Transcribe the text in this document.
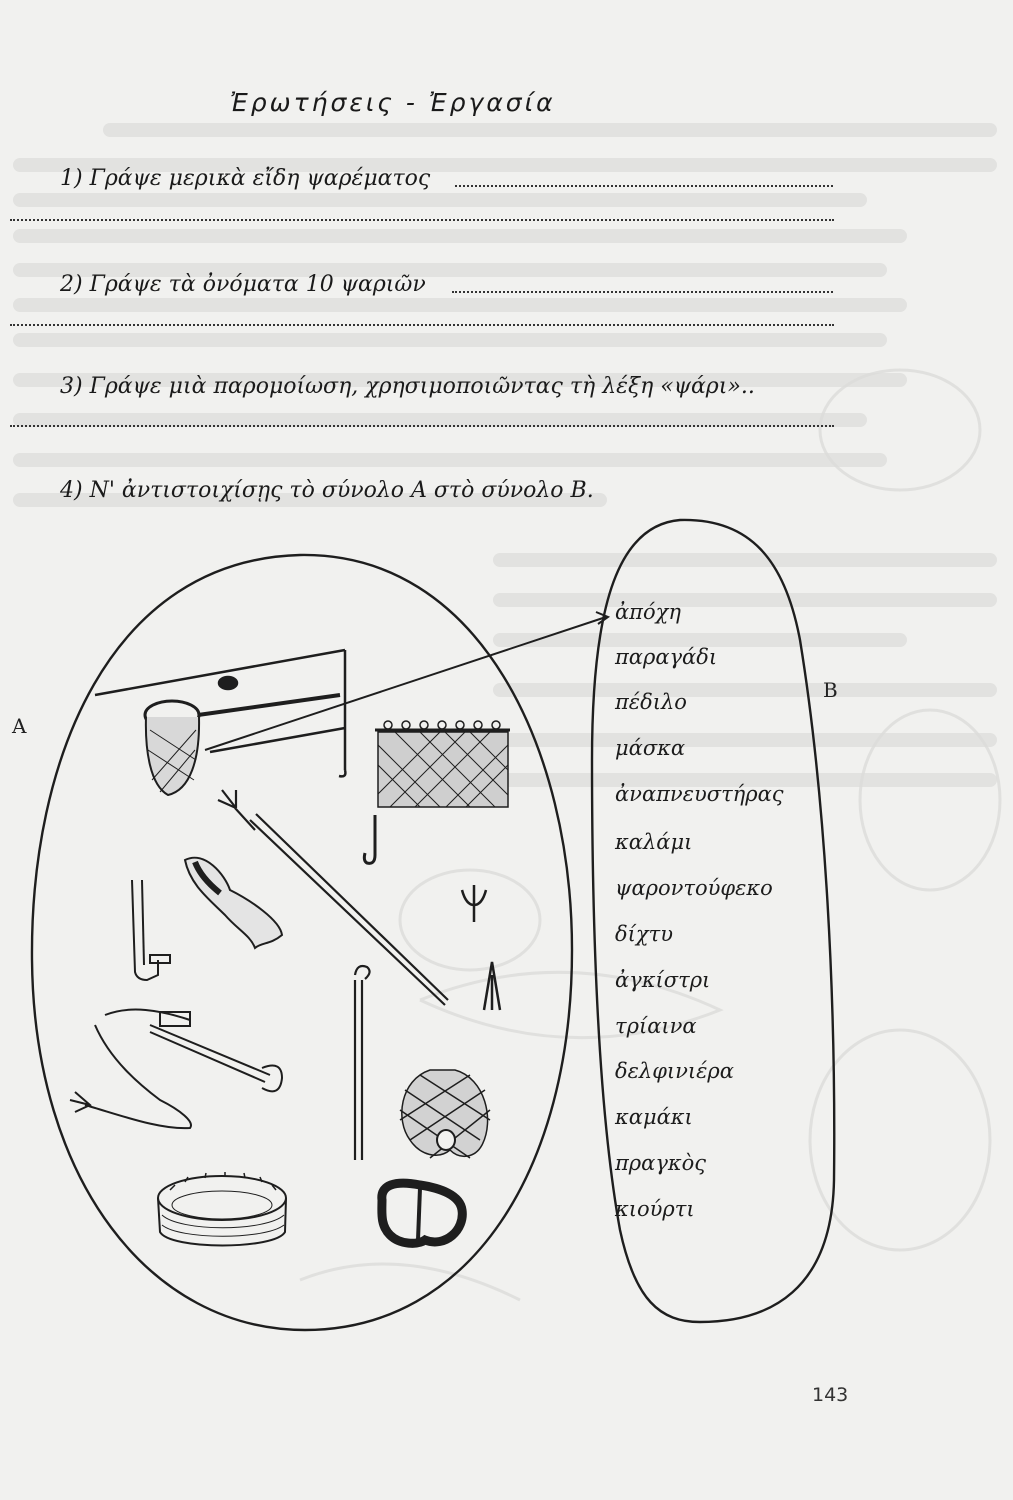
Ἐρωτήσεις - Ἐργασία
1) Γράψε μερικὰ εἴδη ψαρέματος
2) Γράψε τὰ ὀνόματα 10 ψαριῶν
3) Γράψε μιὰ παρομοίωση, χρησιμοποιῶντας τὴ λέξη «ψάρι»..
4) Ν' ἀντιστοιχίσῃς τὸ σύνολο Α στὸ σύνολο Β.
Α
Β
ἀπόχη
παραγάδι
πέδιλο
μάσκα
ἀναπνευστήρας
καλάμι
ψαροντούφεκο
δίχτυ
ἀγκίστρι
τρίαινα
δελφινιέρα
καμάκι
πραγκὸς
κιούρτι
143
